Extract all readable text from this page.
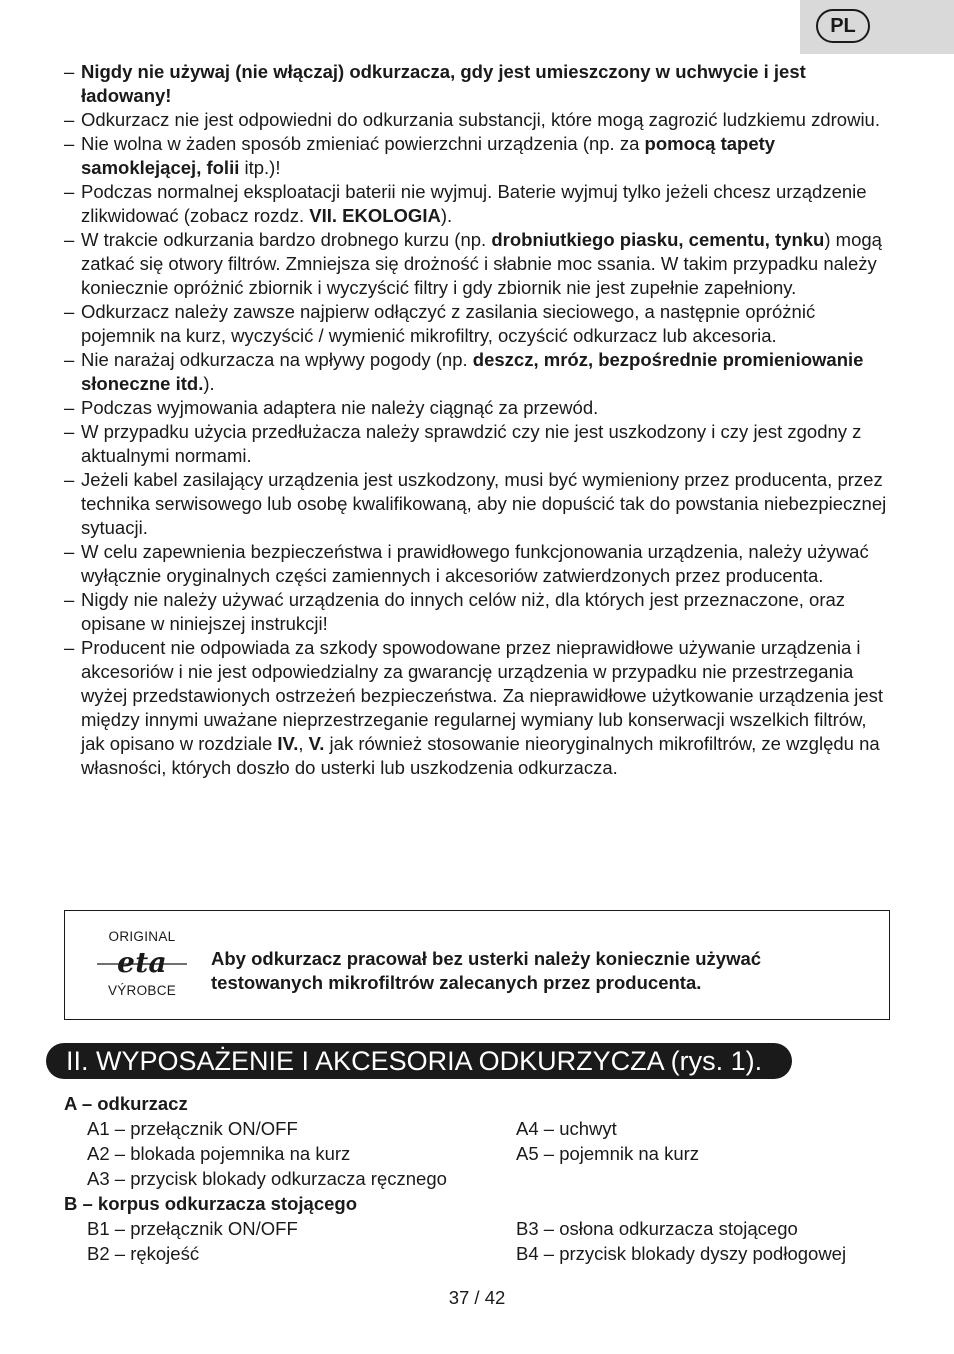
PL
– Nigdy nie używaj (nie włączaj) odkurzacza, gdy jest umieszczony w uchwycie i jest ładowany!
– Odkurzacz nie jest odpowiedni do odkurzania substancji, które mogą zagrozić ludzkiemu zdrowiu.
– Nie wolna w żaden sposób zmieniać powierzchni urządzenia (np. za pomocą tapety samoklejącej, folii itp.)!
– Podczas normalnej eksploatacji baterii nie wyjmuj. Baterie wyjmuj tylko jeżeli chcesz urządzenie zlikwidować (zobacz rozdz. VII. EKOLOGIA).
– W trakcie odkurzania bardzo drobnego kurzu (np. drobniutkiego piasku, cementu, tynku) mogą zatkać się otwory filtrów. Zmniejsza się drożność i słabnie moc ssania. W takim przypadku należy koniecznie opróżnić zbiornik i wyczyścić filtry i gdy zbiornik nie jest zupełnie zapełniony.
– Odkurzacz należy zawsze najpierw odłączyć z zasilania sieciowego, a następnie opróżnić pojemnik na kurz, wyczyścić / wymienić mikrofiltry, oczyścić odkurzacz lub akcesoria.
– Nie narażaj odkurzacza na wpływy pogody (np. deszcz, mróz, bezpośrednie promieniowanie słoneczne itd.).
– Podczas wyjmowania adaptera nie należy ciągnąć za przewód.
– W przypadku użycia przedłużacza należy sprawdzić czy nie jest uszkodzony i czy jest zgodny z aktualnymi normami.
– Jeżeli kabel zasilający urządzenia jest uszkodzony, musi być wymieniony przez producenta, przez technika serwisowego lub osobę kwalifikowaną, aby nie dopuścić tak do powstania niebezpiecznej sytuacji.
– W celu zapewnienia bezpieczeństwa i prawidłowego funkcjonowania urządzenia, należy używać wyłącznie oryginalnych części zamiennych i akcesoriów zatwierdzonych przez producenta.
– Nigdy nie należy używać urządzenia do innych celów niż, dla których jest przeznaczone, oraz opisane w niniejszej instrukcji!
– Producent nie odpowiada za szkody spowodowane przez nieprawidłowe używanie urządzenia i akcesoriów i nie jest odpowiedzialny za gwarancję urządzenia w przypadku nie przestrzegania wyżej przedstawionych ostrzeżeń bezpieczeństwa. Za nieprawidłowe użytkowanie urządzenia jest między innymi uważane nieprzestrzeganie regularnej wymiany lub konserwacji wszelkich filtrów, jak opisano w rozdziale IV., V. jak również stosowanie nieoryginalnych mikrofiltrów, ze względu na własności, których doszło do usterki lub uszkodzenia odkurzacza.
ORIGINAL
eta
VÝROBCE
Aby odkurzacz pracował bez usterki należy koniecznie używać testowanych mikrofiltrów zalecanych przez producenta.
II. WYPOSAŻENIE I AKCESORIA ODKURZYCZA (rys. 1).
A – odkurzacz
A1 – przełącznik ON/OFF
A2 – blokada pojemnika na kurz
A3 – przycisk blokady odkurzacza ręcznego
A4 – uchwyt
A5 – pojemnik na kurz
B – korpus odkurzacza stojącego
B1 – przełącznik ON/OFF
B2 – rękojeść
B3 – osłona odkurzacza stojącego
B4 – przycisk blokady dyszy podłogowej
37 / 42
